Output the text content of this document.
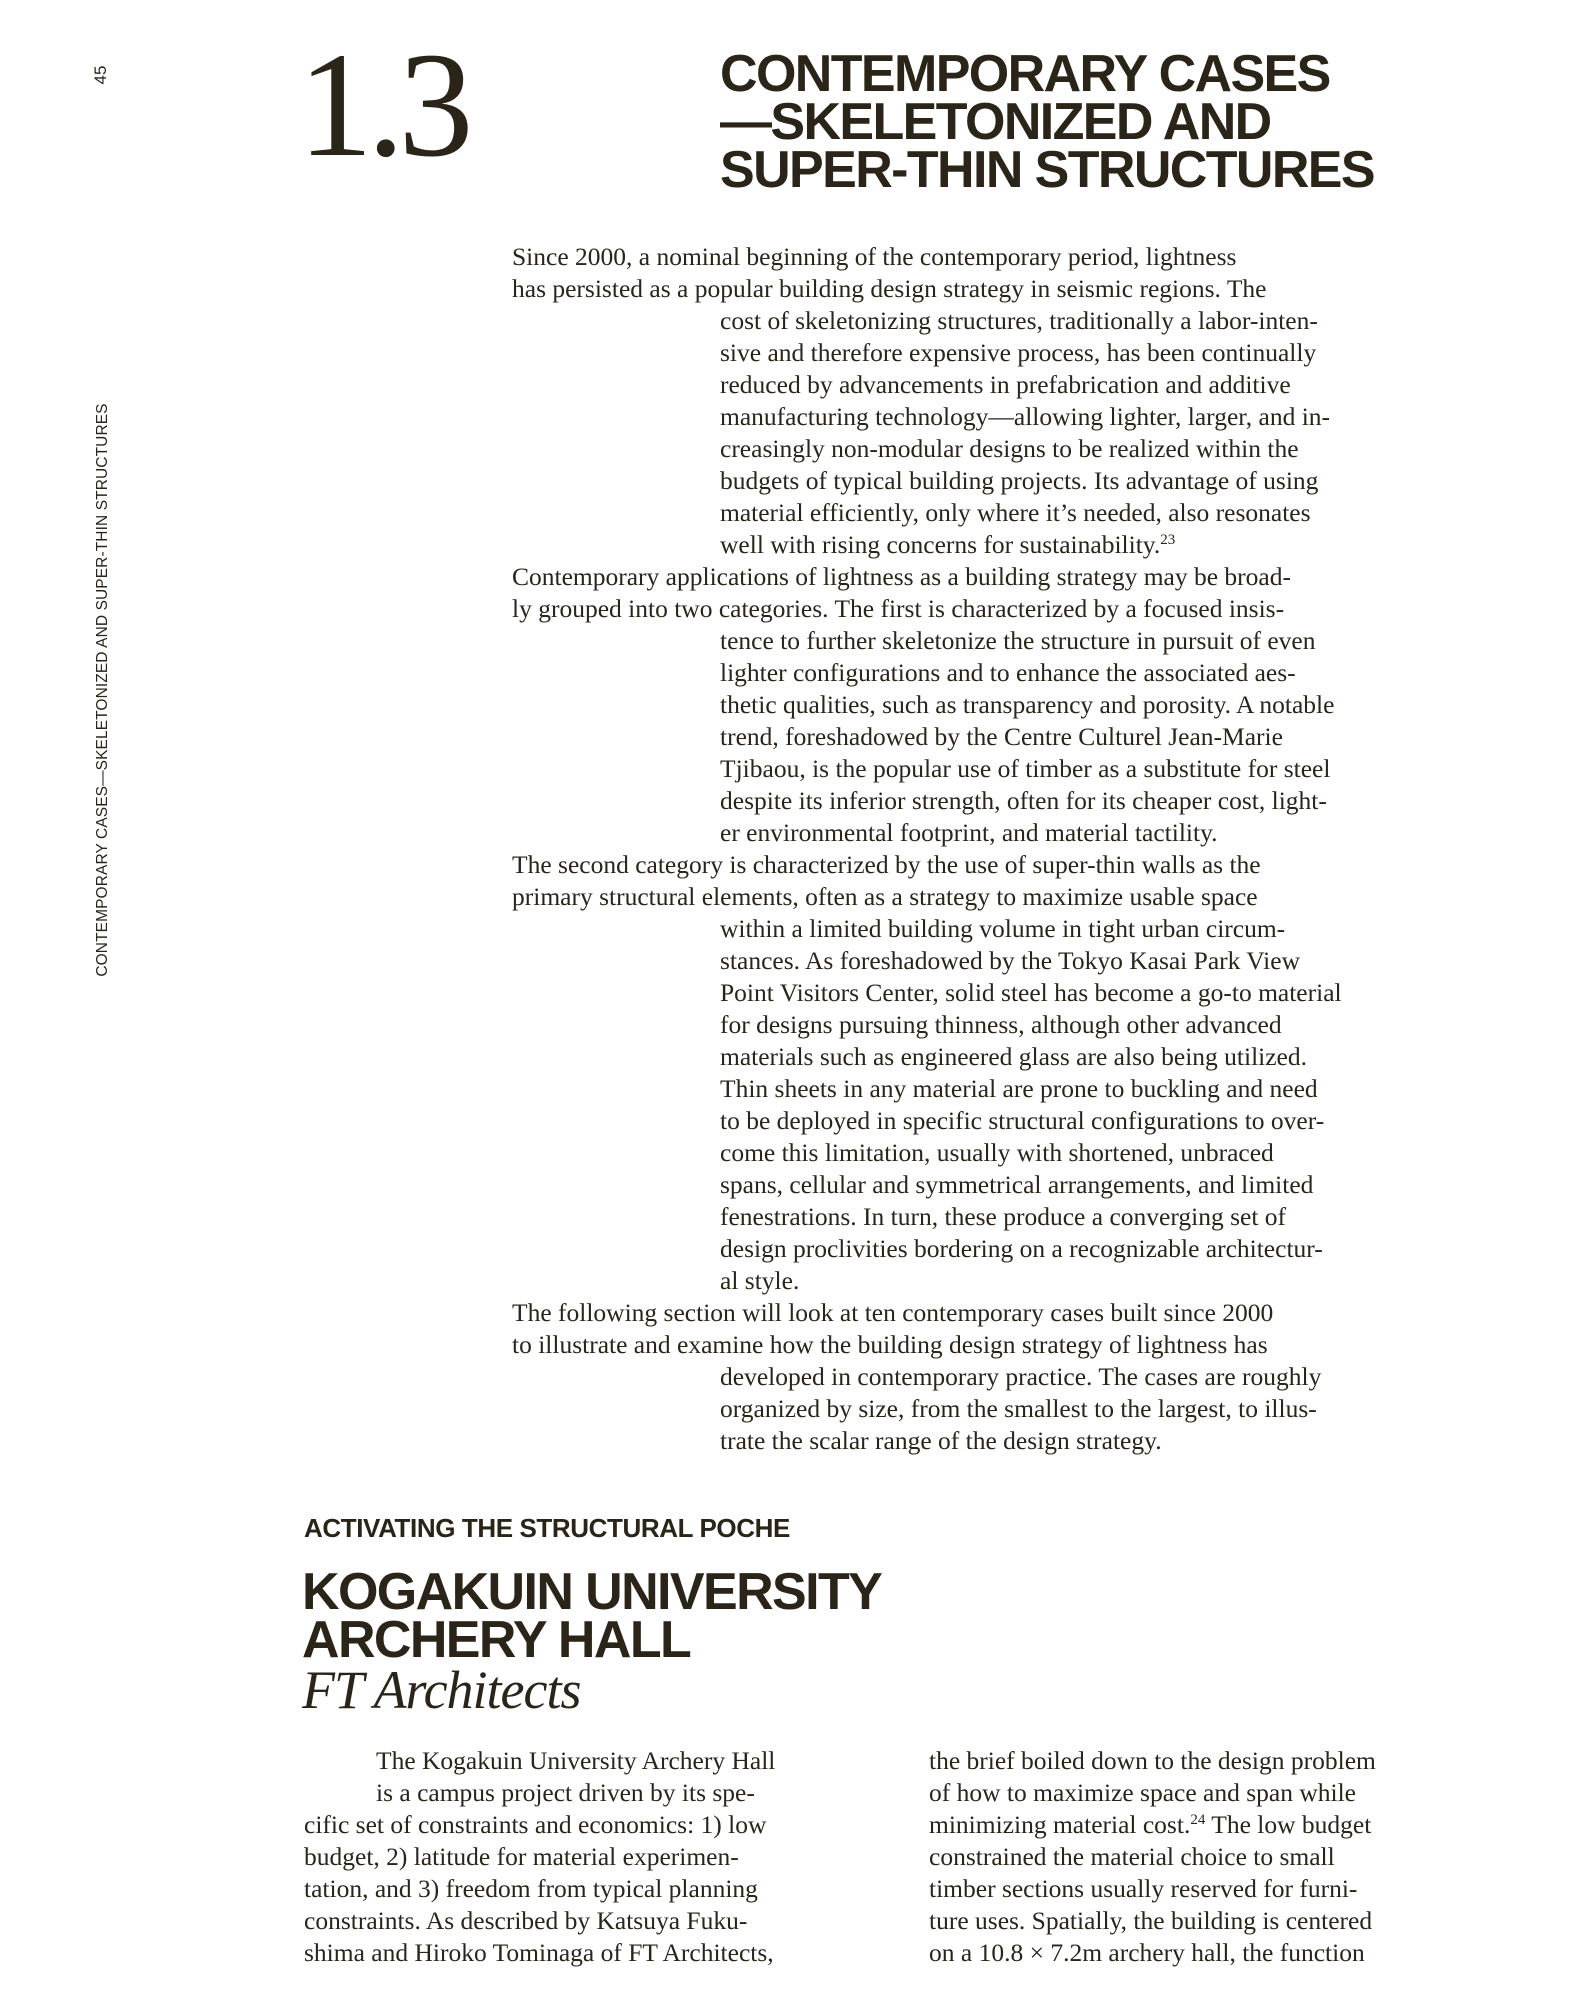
45
CONTEMPORARY CASES—SKELETONIZED AND SUPER-THIN STRUCTURES
1.3	CONTEMPORARY CASES
—SKELETONIZED AND
SUPER-THIN STRUCTURES

Since 2000, a nominal beginning of the contemporary period, lightness
has persisted as a popular building design strategy in seismic regions. The
cost of skeletonizing structures, traditionally a labor-inten-
sive and therefore expensive process, has been continually
reduced by advancements in prefabrication and additive
manufacturing technology—allowing lighter, larger, and in-
creasingly non-modular designs to be realized within the
budgets of typical building projects. Its advantage of using
material efficiently, only where it’s needed, also resonates
well with rising concerns for sustainability.$^{23}$

Contemporary applications of lightness as a building strategy may be broad-
ly grouped into two categories. The first is characterized by a focused insis-
tence to further skeletonize the structure in pursuit of even
lighter configurations and to enhance the associated aes-
thetic qualities, such as transparency and porosity. A notable
trend, foreshadowed by the Centre Culturel Jean-Marie
Tjibaou, is the popular use of timber as a substitute for steel
despite its inferior strength, often for its cheaper cost, light-
er environmental footprint, and material tactility.

The second category is characterized by the use of super-thin walls as the
primary structural elements, often as a strategy to maximize usable space
within a limited building volume in tight urban circum-
stances. As foreshadowed by the Tokyo Kasai Park View
Point Visitors Center, solid steel has become a go-to material
for designs pursuing thinness, although other advanced
materials such as engineered glass are also being utilized.
Thin sheets in any material are prone to buckling and need
to be deployed in specific structural configurations to over-
come this limitation, usually with shortened, unbraced
spans, cellular and symmetrical arrangements, and limited
fenestrations. In turn, these produce a converging set of
design proclivities bordering on a recognizable architectur-
al style.

The following section will look at ten contemporary cases built since 2000
to illustrate and examine how the building design strategy of lightness has
developed in contemporary practice. The cases are roughly
organized by size, from the smallest to the largest, to illus-
trate the scalar range of the design strategy.

ACTIVATING THE STRUCTURAL POCHE
KOGAKUIN UNIVERSITY
ARCHERY HALL
FT Architects
The Kogakuin University Archery Hall
is a campus project driven by its spe-
cific set of constraints and economics: 1) low
budget, 2) latitude for material experimen-
tation, and 3) freedom from typical planning
constraints. As described by Katsuya Fuku-
shima and Hiroko Tominaga of FT Architects,
the brief boiled down to the design problem
of how to maximize space and span while
minimizing material cost.$^{24}$ The low budget
constrained the material choice to small
timber sections usually reserved for furni-
ture uses. Spatially, the building is centered
on a 10.8 × 7.2m archery hall, the function
